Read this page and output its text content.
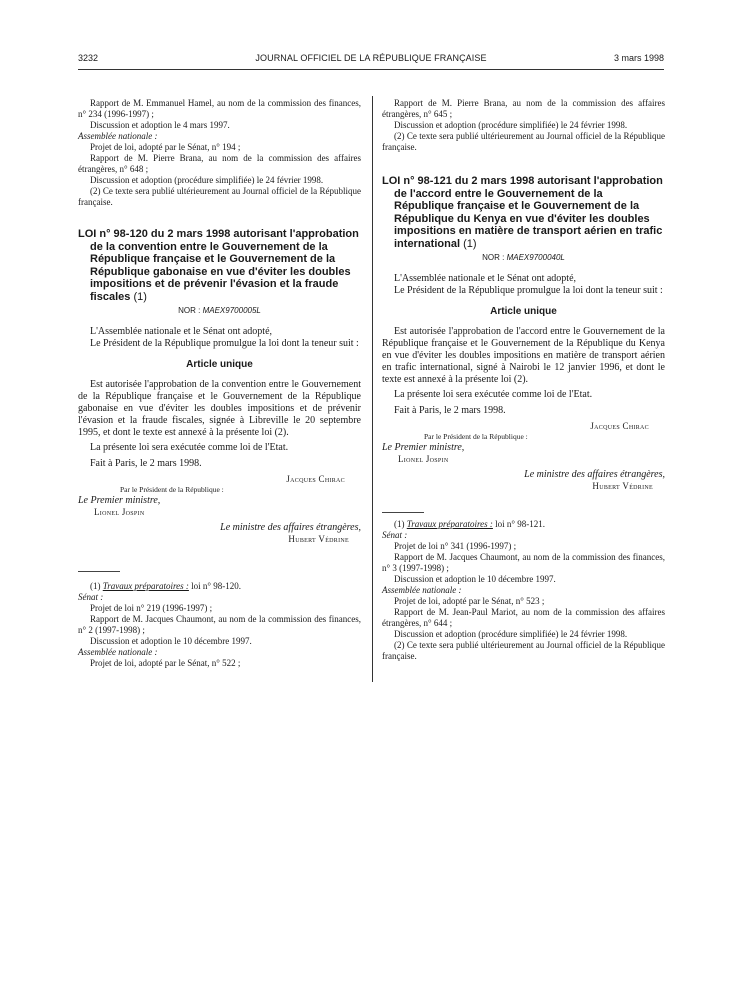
3232	JOURNAL OFFICIEL DE LA RÉPUBLIQUE FRANÇAISE	3 mars 1998

Rapport de M. Emmanuel Hamel, au nom de la commission des finances, n° 234 (1996-1997) ;

Discussion et adoption le 4 mars 1997.

Assemblée nationale :

Projet de loi, adopté par le Sénat, n° 194 ;

Rapport de M. Pierre Brana, au nom de la commission des affaires étrangères, n° 648 ;

Discussion et adoption (procédure simplifiée) le 24 février 1998.

(2) Ce texte sera publié ultérieurement au Journal officiel de la République française.

LOI n° 98-120 du 2 mars 1998 autorisant l'approbation de la convention entre le Gouvernement de la République française et le Gouvernement de la République gabonaise en vue d'éviter les doubles impositions et de prévenir l'évasion et la fraude fiscales (1)

NOR : MAEX9700005L

L'Assemblée nationale et le Sénat ont adopté,

Le Président de la République promulgue la loi dont la teneur suit :

Article unique

Est autorisée l'approbation de la convention entre le Gouvernement de la République française et le Gouvernement de la République gabonaise en vue d'éviter les doubles impositions et de prévenir l'évasion et la fraude fiscales, signée à Libreville le 20 septembre 1995, et dont le texte est annexé à la présente loi (2).

La présente loi sera exécutée comme loi de l'Etat.

Fait à Paris, le 2 mars 1998.

Jacques Chirac

Par le Président de la République :

Le Premier ministre,

Lionel Jospin

Le ministre des affaires étrangères,

Hubert Védrine

(1) Travaux préparatoires : loi n° 98-120.

Sénat :

Projet de loi n° 219 (1996-1997) ;

Rapport de M. Jacques Chaumont, au nom de la commission des finances, n° 2 (1997-1998) ;

Discussion et adoption le 10 décembre 1997.

Assemblée nationale :

Projet de loi, adopté par le Sénat, n° 522 ;

Rapport de M. Pierre Brana, au nom de la commission des affaires étrangères, n° 645 ;

Discussion et adoption (procédure simplifiée) le 24 février 1998.

(2) Ce texte sera publié ultérieurement au Journal officiel de la République française.

LOI n° 98-121 du 2 mars 1998 autorisant l'approbation de l'accord entre le Gouvernement de la République française et le Gouvernement de la République du Kenya en vue d'éviter les doubles impositions en matière de transport aérien en trafic international (1)

NOR : MAEX9700040L

L'Assemblée nationale et le Sénat ont adopté,

Le Président de la République promulgue la loi dont la teneur suit :

Article unique

Est autorisée l'approbation de l'accord entre le Gouvernement de la République française et le Gouvernement de la République du Kenya en vue d'éviter les doubles impositions en matière de transport aérien en trafic international, signé à Nairobi le 12 janvier 1996, et dont le texte est annexé à la présente loi (2).

La présente loi sera exécutée comme loi de l'Etat.

Fait à Paris, le 2 mars 1998.

Jacques Chirac

Par le Président de la République :

Le Premier ministre,

Lionel Jospin

Le ministre des affaires étrangères,

Hubert Védrine

(1) Travaux préparatoires : loi n° 98-121.

Sénat :

Projet de loi n° 341 (1996-1997) ;

Rapport de M. Jacques Chaumont, au nom de la commission des finances, n° 3 (1997-1998) ;

Discussion et adoption le 10 décembre 1997.

Assemblée nationale :

Projet de loi, adopté par le Sénat, n° 523 ;

Rapport de M. Jean-Paul Mariot, au nom de la commission des affaires étrangères, n° 644 ;

Discussion et adoption (procédure simplifiée) le 24 février 1998.

(2) Ce texte sera publié ultérieurement au Journal officiel de la République française.
